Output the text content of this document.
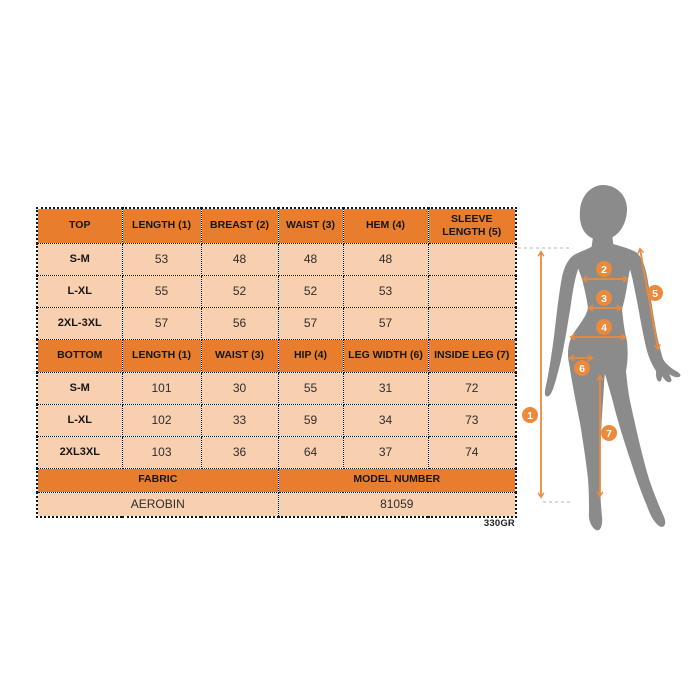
TOP	LENGTH (1)	BREAST (2)	WAIST (3)	HEM (4)	SLEEVE LENGTH (5)
S-M	53	48	48	48	
L-XL	55	52	52	53	
2XL-3XL	57	56	57	57	
BOTTOM	LENGTH (1)	WAIST (3)	HIP (4)	LEG WIDTH (6)	INSIDE LEG (7)
S-M	101	30	55	31	72
L-XL	102	33	59	34	73
2XL3XL	103	36	64	37	74
FABRIC			MODEL NUMBER		
AEROBIN			81059		
330GR
1
2
3
4
5
6
7
